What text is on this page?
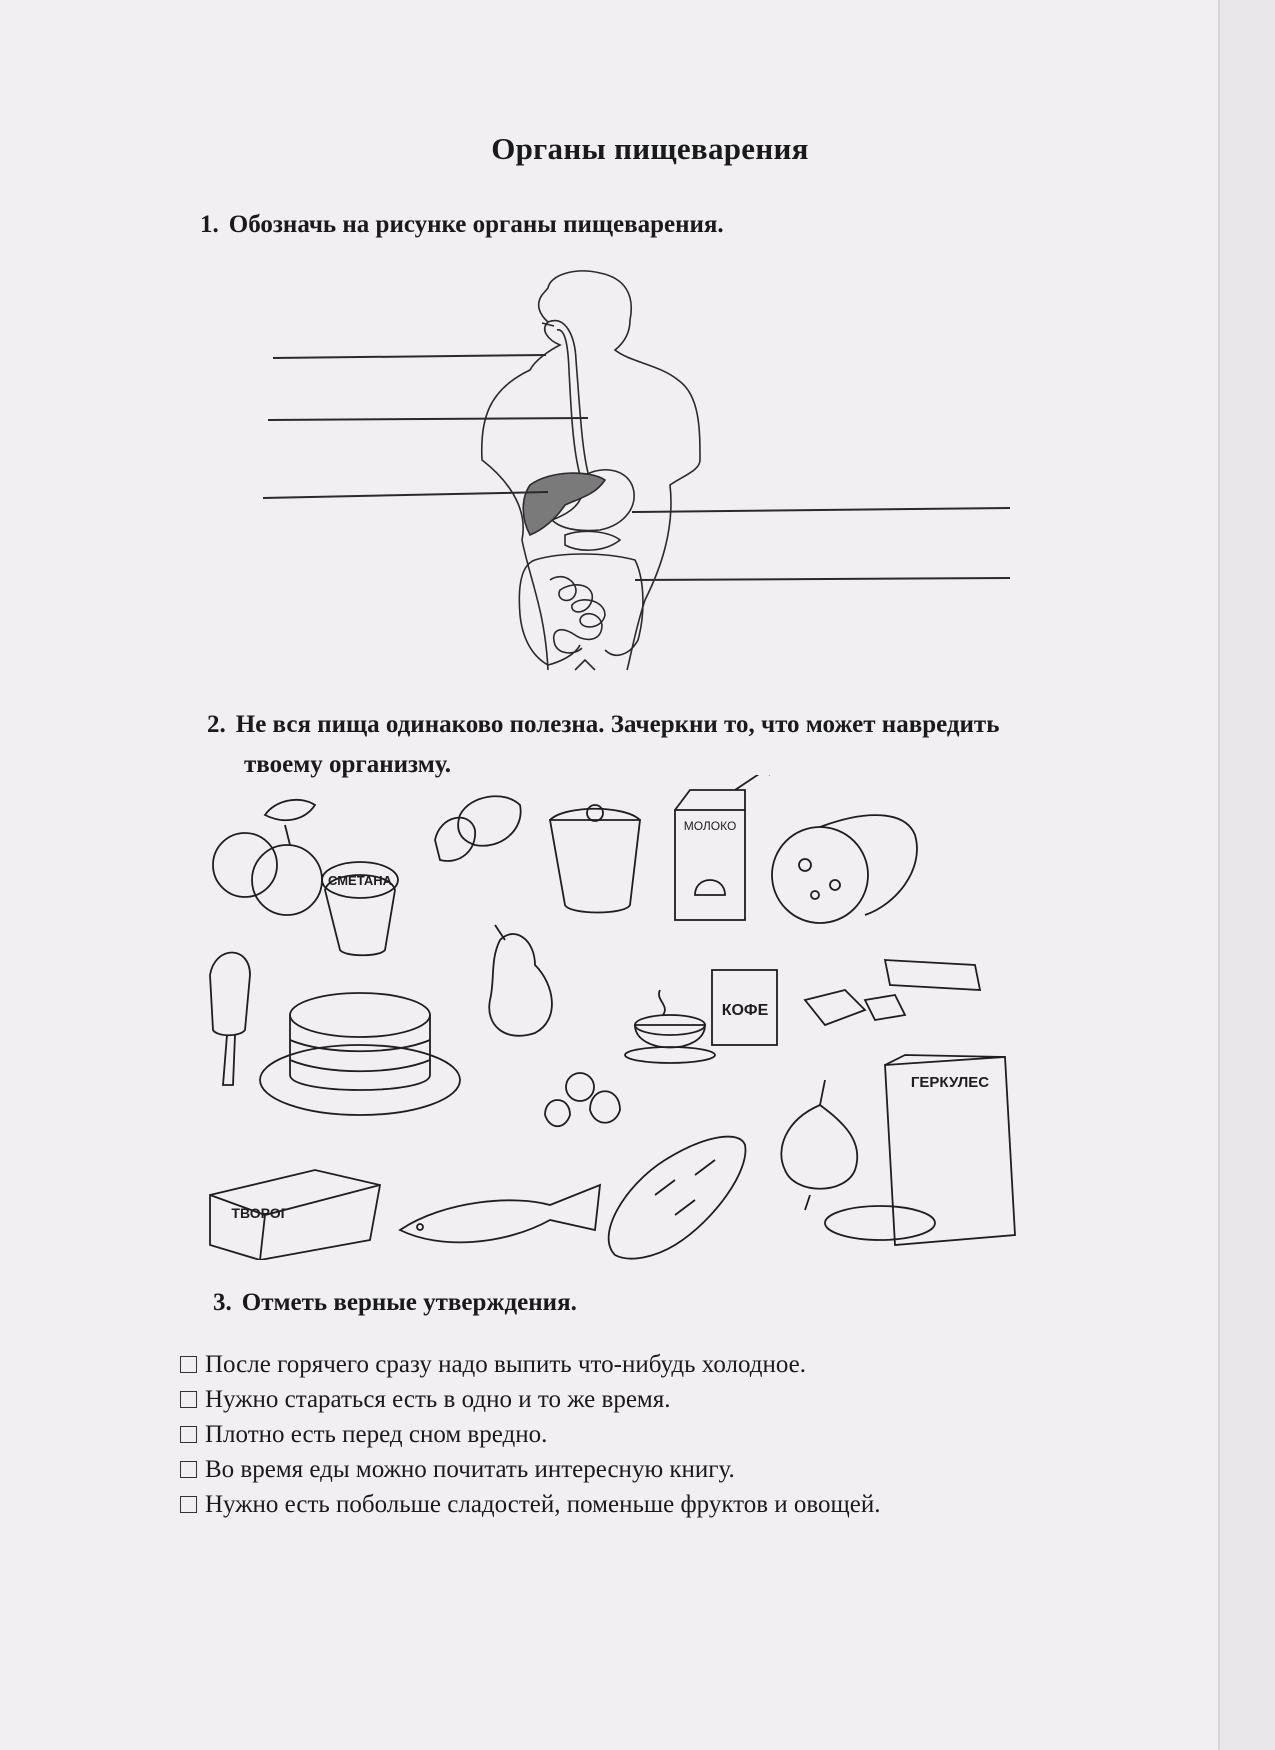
Органы пищеварения
1. Обозначь на рисунке органы пищеварения.
2. Не вся пища одинаково полезна. Зачеркни то, что может навредить
твоему организму.
СМЕТАНА
МОЛОКО
КОФЕ
ТВОРОГ
ГЕРКУЛЕС
3. Отметь верные утверждения.
После горячего сразу надо выпить что-нибудь холодное.
Нужно стараться есть в одно и то же время.
Плотно есть перед сном вредно.
Во время еды можно почитать интересную книгу.
Нужно есть побольше сладостей, поменьше фруктов и овощей.
